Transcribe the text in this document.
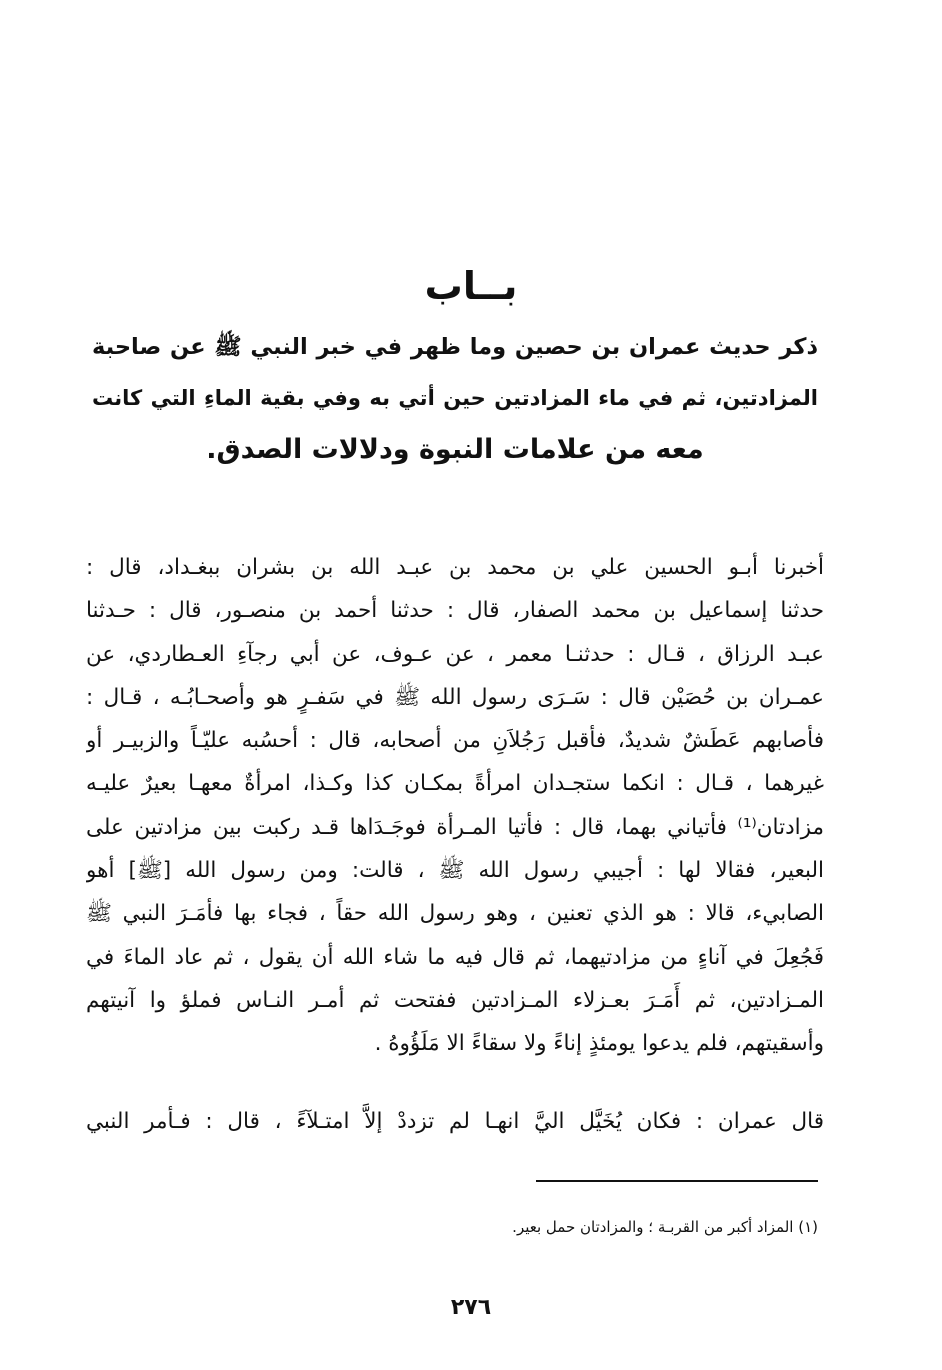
بــاب
ذكر حديث عمران بن حصين وما ظهر في خبر النبي ﷺ عن صاحبة
المزادتين، ثم في ماء المزادتين حين أتي به وفي بقية الماءِ التي كانت
معه من علامات النبوة ودلالات الصدق.
أخبرنا أبـو الحسين علي بن محمد بن عبـد الله بن بشران ببغـداد، قال :
حدثنا إسماعيل بن محمد الصفار، قال : حدثنا أحمد بن منصـور، قال : حـدثنا
عبـد الرزاق ، قـال : حدثنـا معمر ، عن عـوف، عن أبي رجآءِ العـطاردي، عن
عمـران بن حُصَيْن قال : سَـرَى رسول الله ﷺ في سَفـرٍ هو وأصحـابُـه ، قـال :
فأصابهم عَطَشٌ شديدٌ، فأقبل رَجُلاَنِ من أصحابه، قال : أحسُبه عليّـاً والزبيـر أو
غيرهما ، قـال : انكما ستجـدان امرأةً بمكـان كذا وكـذا، امرأةٌ معهـا بعيرٌ عليـه
مزادتان⁽¹⁾ فأتياني بهما، قال : فأتيا المـرأة فوجَـدَاها قـد ركبت بين مزادتين على
البعير، فقالا لها : أجيبي رسول الله ﷺ ، قالت: ومن رسول الله [ﷺ] أهو
الصابيء، قالا : هو الذي تعنين ، وهو رسول الله حقاً ، فجاء بها فأمَـرَ النبي ﷺ
فَجُعِلَ في آناءٍ من مزادتيهما، ثم قال فيه ما شاء الله أن يقول ، ثم عاد الماءَ في
المـزادتين، ثم أَمَـرَ بعـزلاء المـزادتين ففتحت ثم أمـر النـاس فملؤ وا آنيتهم
وأسقيتهم، فلم يدعوا يومئذٍ إناءً ولا سقاءً الا مَلَؤُوهُ .
قال عمران : فكان يُخَيَّل اليَّ انهـا لم تزددْ إلاَّ امتـلآءً ، قال : فـأمر النبي
(١) المزاد أكبر من القربـة ؛ والمزادتان حمل بعير.
٢٧٦
